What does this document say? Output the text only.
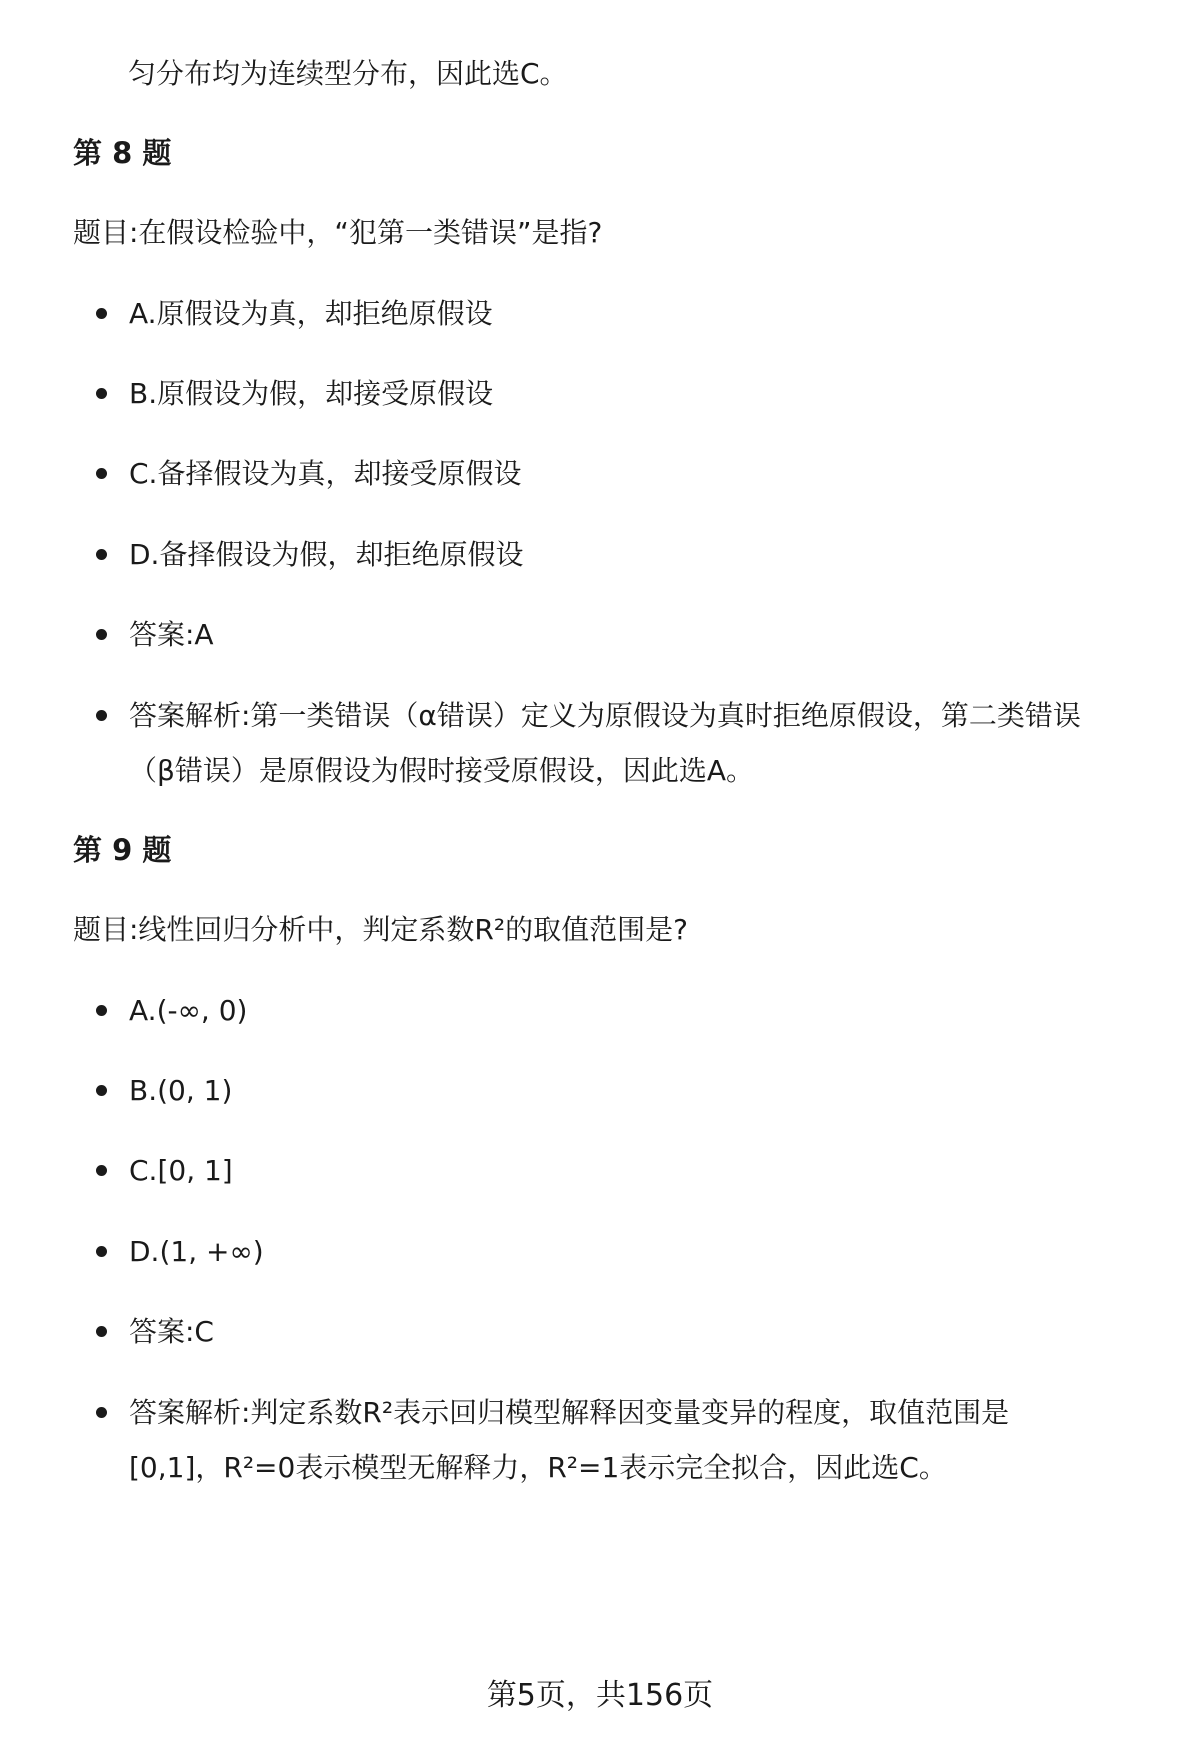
匀分布均为连续型分布，因此选C。
第 8 题
题目:在假设检验中，“犯第一类错误”是指?
A.原假设为真，却拒绝原假设
B.原假设为假，却接受原假设
C.备择假设为真，却接受原假设
D.备择假设为假，却拒绝原假设
答案:A
答案解析:第一类错误（α错误）定义为原假设为真时拒绝原假设，第二类错误
（β错误）是原假设为假时接受原假设，因此选A。
第 9 题
题目:线性回归分析中，判定系数R²的取值范围是?
A.(-∞, 0)
B.(0, 1)
C.[0, 1]
D.(1, +∞)
答案:C
答案解析:判定系数R²表示回归模型解释因变量变异的程度，取值范围是
[0,1]，R²=0表示模型无解释力，R²=1表示完全拟合，因此选C。
第5页，共156页
